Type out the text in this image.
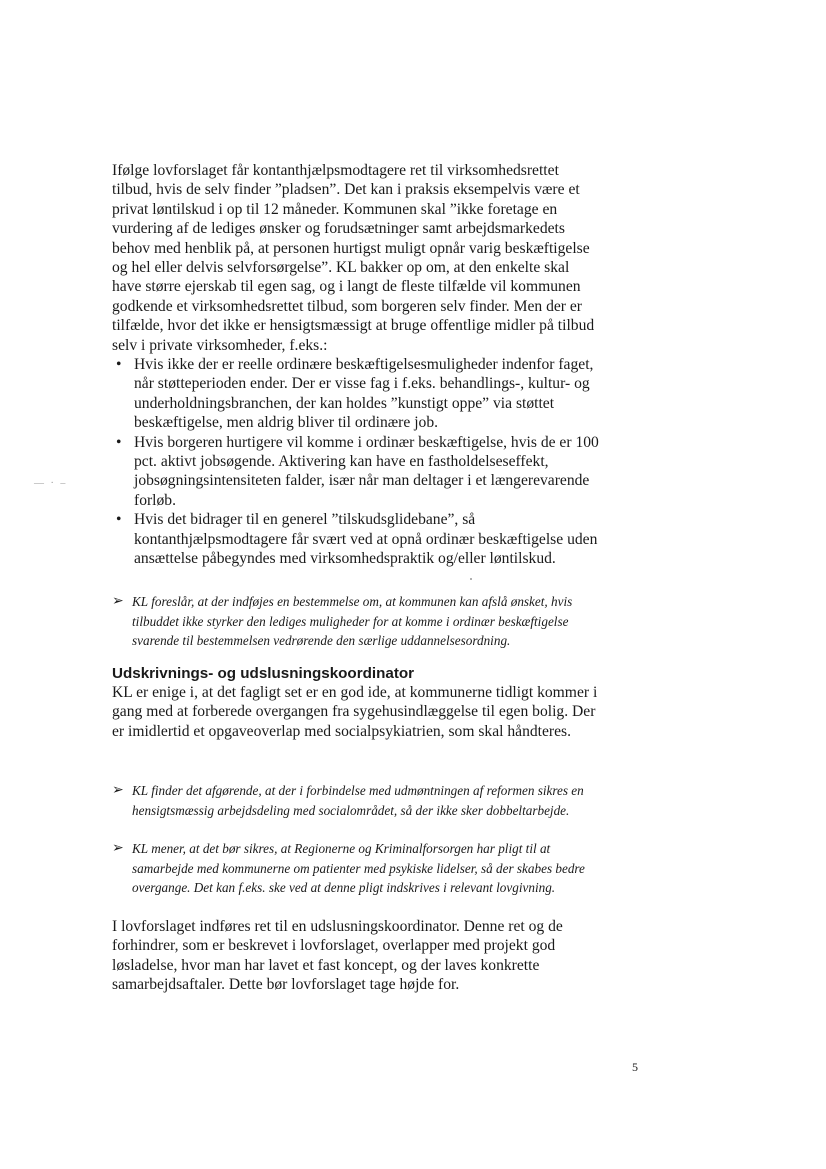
Ifølge lovforslaget får kontanthjælpsmodtagere ret til virksomhedsrettet tilbud, hvis de selv finder ”pladsen”. Det kan i praksis eksempelvis være et privat løntilskud i op til 12 måneder. Kommunen skal ”ikke foretage en vurdering af de lediges ønsker og forudsætninger samt arbejdsmarkedets behov med henblik på, at personen hurtigst muligt opnår varig beskæftigelse og hel eller delvis selvforsørgelse”. KL bakker op om, at den enkelte skal have større ejerskab til egen sag, og i langt de fleste tilfælde vil kommunen godkende et virksomhedsrettet tilbud, som borgeren selv finder. Men der er tilfælde, hvor det ikke er hensigtsmæssigt at bruge offentlige midler på tilbud selv i private virksomheder, f.eks.:

• Hvis ikke der er reelle ordinære beskæftigelsesmuligheder indenfor faget, når støtteperioden ender. Der er visse fag i f.eks. behandlings-, kultur- og underholdningsbranchen, der kan holdes ”kunstigt oppe” via støttet beskæftigelse, men aldrig bliver til ordinære job.
• Hvis borgeren hurtigere vil komme i ordinær beskæftigelse, hvis de er 100 pct. aktivt jobsøgende. Aktivering kan have en fastholdelseseffekt, jobsøgningsintensiteten falder, især når man deltager i et længerevarende forløb.
• Hvis det bidrager til en generel ”tilskudsglidebane”, så kontanthjælpsmodtagere får svært ved at opnå ordinær beskæftigelse uden ansættelse påbegyndes med virksomhedspraktik og/eller løntilskud.
➢ KL foreslår, at der indføjes en bestemmelse om, at kommunen kan afslå ønsket, hvis tilbuddet ikke styrker den lediges muligheder for at komme i ordinær beskæftigelse svarende til bestemmelsen vedrørende den særlige uddannelsesordning.
Udskrivnings- og udslusningskoordinator

KL er enige i, at det fagligt set er en god ide, at kommunerne tidligt kommer i gang med at forberede overgangen fra sygehusindlæggelse til egen bolig. Der er imidlertid et opgaveoverlap med socialpsykiatrien, som skal håndteres.

➢ KL finder det afgørende, at der i forbindelse med udmøntningen af reformen sikres en hensigtsmæssig arbejdsdeling med socialområdet, så der ikke sker dobbeltarbejde.
➢ KL mener, at det bør sikres, at Regionerne og Kriminalforsorgen har pligt til at samarbejde med kommunerne om patienter med psykiske lidelser, så der skabes bedre overgange. Det kan f.eks. ske ved at denne pligt indskrives i relevant lovgivning.

I lovforslaget indføres ret til en udslusningskoordinator. Denne ret og de forhindrer, som er beskrevet i lovforslaget, overlapper med projekt god løsladelse, hvor man har lavet et fast koncept, og der laves konkrette samarbejdsaftaler. Dette bør lovforslaget tage højde for.

— · –
5
